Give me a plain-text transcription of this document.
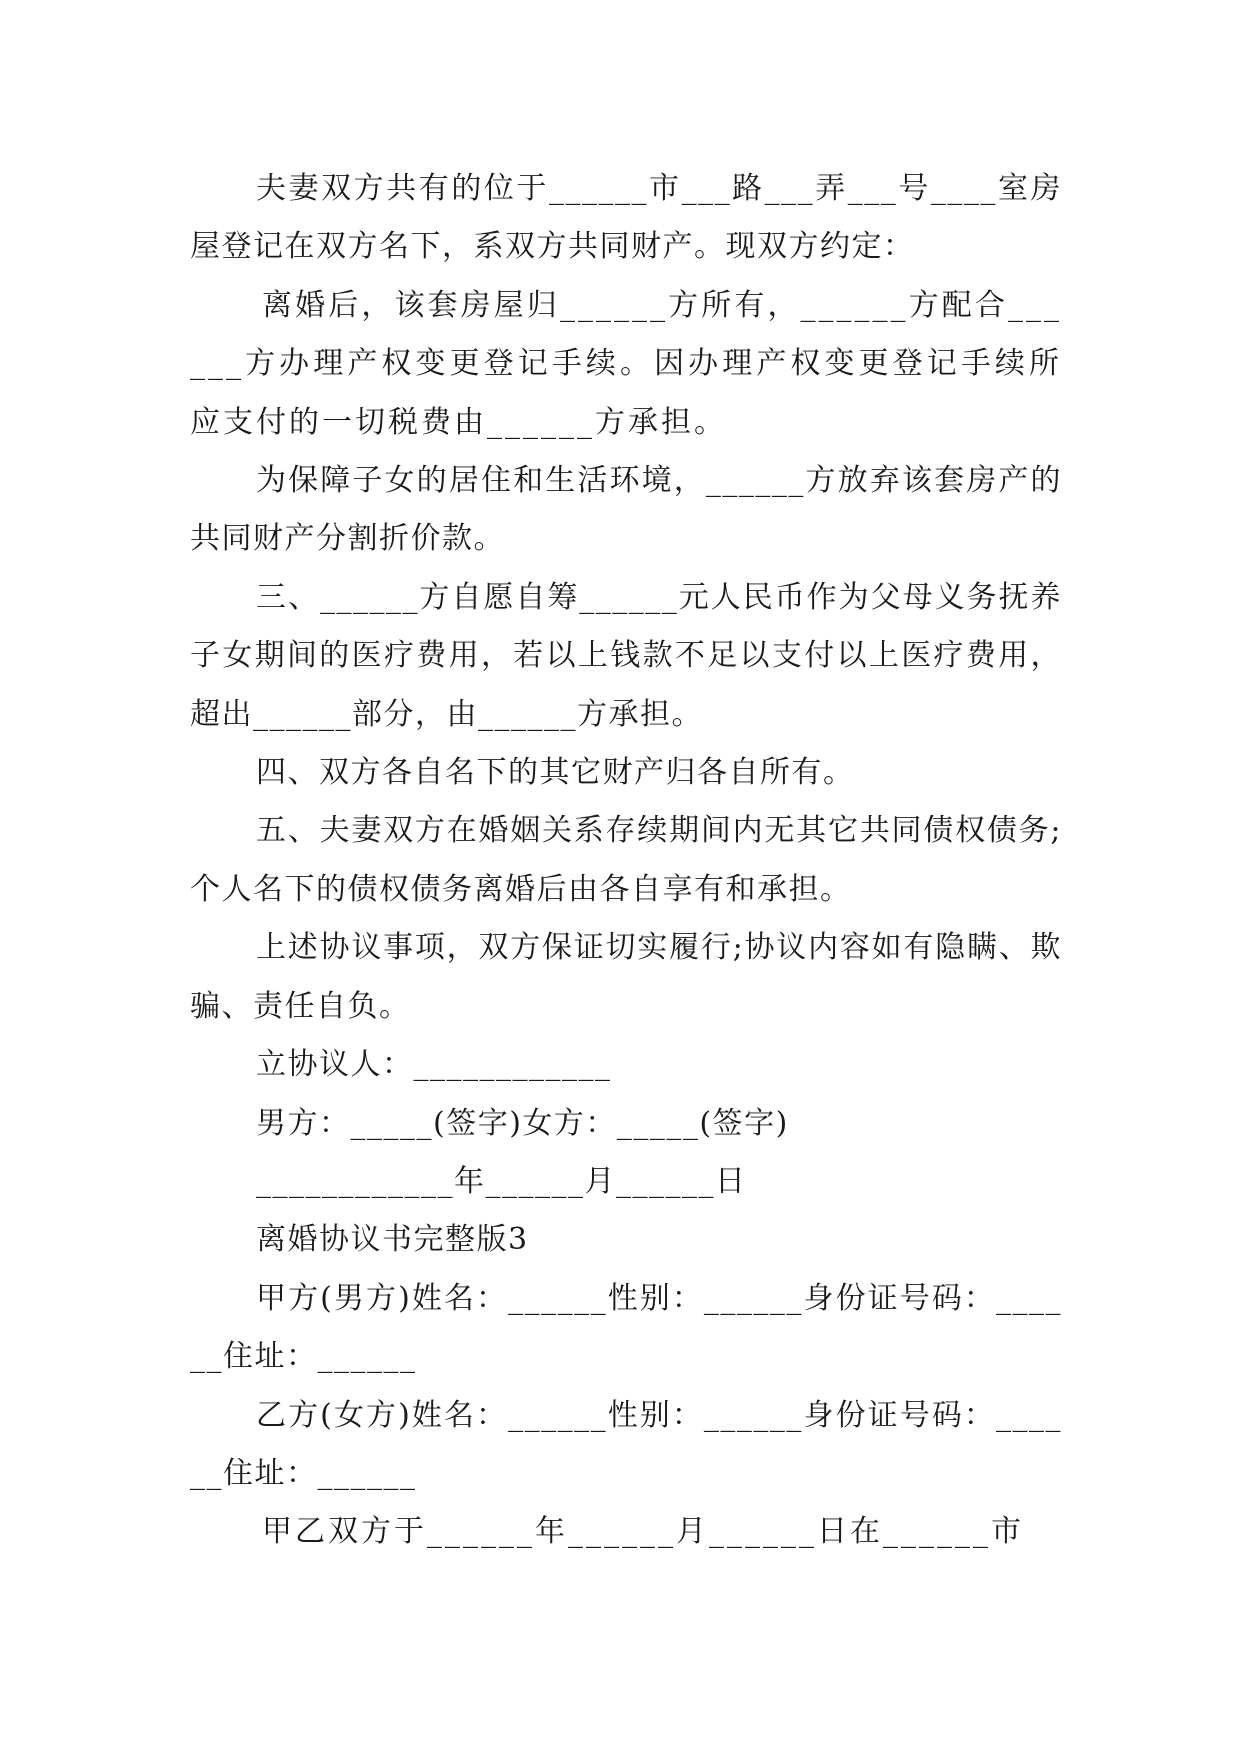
夫妻双方共有的位于______市___路___弄___号____室房屋登记在双方名下，系双方共同财产。现双方约定：

离婚后，该套房屋归______方所有，______方配合______方办理产权变更登记手续。因办理产权变更登记手续所应支付的一切税费由______方承担。

为保障子女的居住和生活环境，______方放弃该套房产的共同财产分割折价款。

三、______方自愿自筹______元人民币作为父母义务抚养子女期间的医疗费用，若以上钱款不足以支付以上医疗费用，超出______部分，由______方承担。

四、双方各自名下的其它财产归各自所有。

五、夫妻双方在婚姻关系存续期间内无其它共同债权债务;个人名下的债权债务离婚后由各自享有和承担。

上述协议事项，双方保证切实履行;协议内容如有隐瞒、欺骗、责任自负。

立协议人：____________

男方：_____(签字)女方：_____(签字)

____________年______月______日

离婚协议书完整版3

甲方(男方)姓名：______性别：______身份证号码：______住址：______

乙方(女方)姓名：______性别：______身份证号码：______住址：______

甲乙双方于______年______月______日在______市
